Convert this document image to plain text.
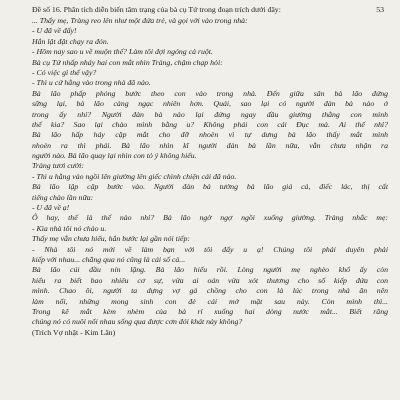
Đề số 16. Phân tích diễn biến tâm trạng của bà cụ Tứ trong đoạn trích dưới đây:	53
... Thấy mẹ, Tràng reo lên như một đứa trẻ, và gọi với vào trong nhà:
- U đã về đấy!
Hắn lật đật chạy ra đón.
- Hôm nay sao u về muộn thế? Làm tôi đợi ngóng cả ruột.
Bà cụ Tứ nhấp nháy hai con mắt nhìn Tràng, chậm chạp hỏi:
- Có việc gì thế vậy?
- Thì u cứ hẵng vào trong nhà đã nào.
Bà lão phấp phỏng bước theo con vào trong nhà. Đến giữa sân bà lão đứng
sững lại, bà lão càng ngạc nhiên hơn. Quái, sao lại có người đàn bà nào ở
trong ấy nhỉ? Người đàn bà nào lại đứng ngay đầu giường thằng con mình
thế kia? Sao lại chào mình bằng u? Không phải con cái Đục mà. Ai thế nhỉ?
Bà lão hấp háy cặp mắt cho đỡ nhoèn vì tự dưng bà lão thấy mắt mình
nhoèn ra thì phải. Bà lão nhìn kĩ người đàn bà lần nữa, vẫn chưa nhận ra
người nào. Bà lão quay lại nhìn con tỏ ý không hiểu.
Tràng tươi cười:
- Thì u hẵng vào ngồi lên giường lên giếc chình chiện cái đã nào.
Bà lão lập cập bước vào. Người đàn bà tưởng bà lão giả cả, điếc lác, thị cất
tiếng chào lần nữa:
- U đã về ạ!
Ô hay, thế là thế nào nhỉ? Bà lão ngờ ngợ ngồi xuống giường. Tràng nhắc mẹ:
- Kìa nhà tôi nó chào u.
Thấy mẹ vẫn chưa hiểu, hắn bước lại gần nói tiếp:
- Nhà tôi nó mới về làm bạn với tôi đấy u ạ! Chúng tôi phải duyên phải
kiếp với nhau... chẳng qua nó cũng là cái số cả...
Bà lão cúi đầu nín lặng. Bà lão hiểu rồi. Lòng người mẹ nghèo khổ ấy còn
hiểu ra biết bao nhiêu cơ sự, vừa ai oán vừa xót thương cho số kiếp đứa con
mình. Chao ôi, người ta dựng vợ gả chồng cho con là lúc trong nhà ăn nên
làm nổi, những mong sinh con đẻ cái mở mặt sau này. Còn mình thì...
Trong kẽ mắt kèm nhèm của bà rỉ xuống hai dòng nước mắt... Biết răng
chúng nó có nuôi nổi nhau sống qua được cơn đói khát này không?
(Trích Vợ nhặt - Kim Lân)
